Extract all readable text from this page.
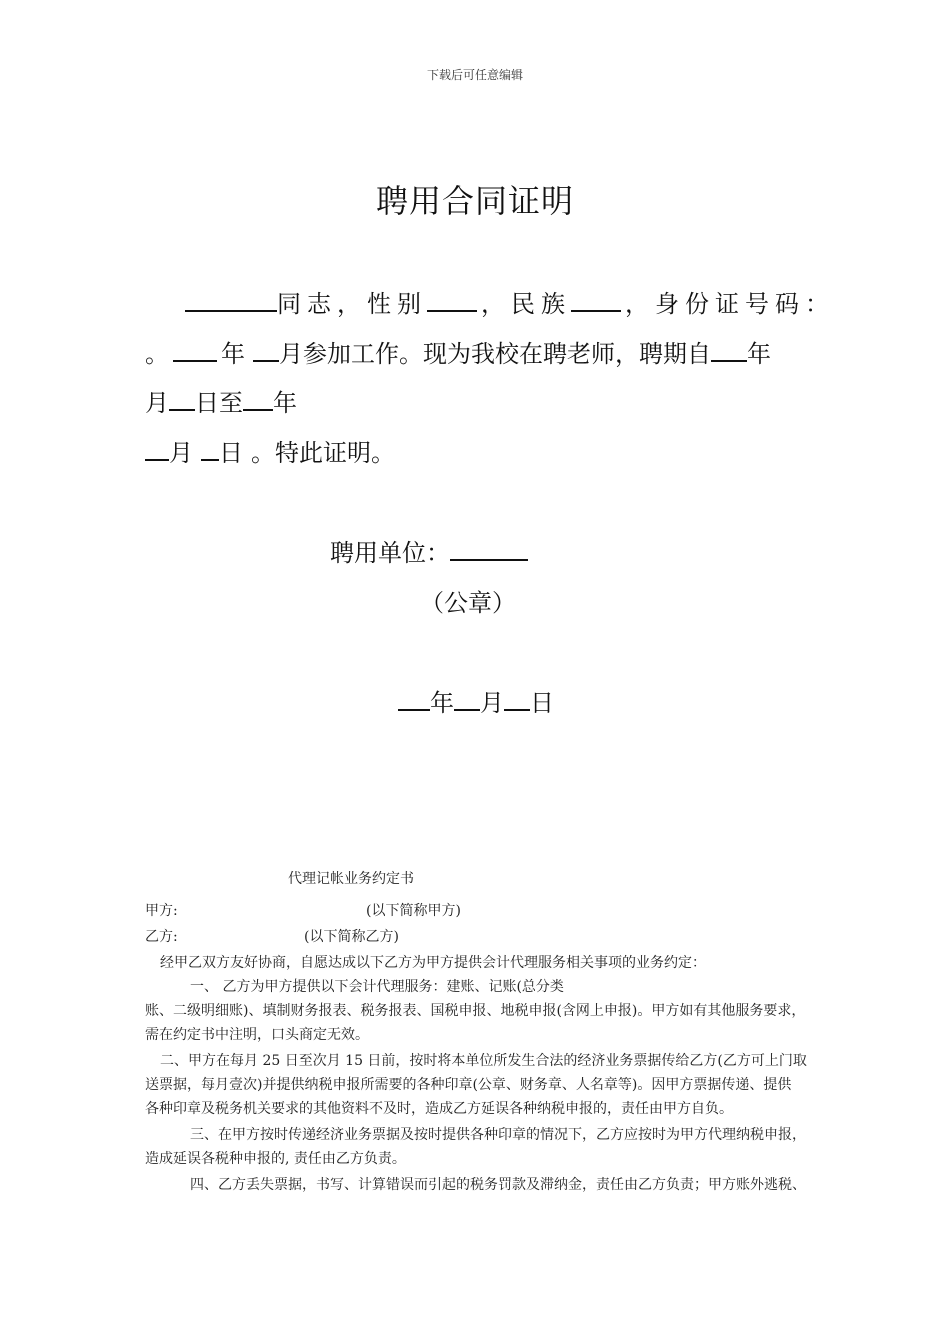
下载后可任意编辑
聘用合同证明
同志，性别 ，民族 ，身份证号码：
。 年 月参加工作。现为我校在聘老师，聘期自 年
月 日至 年
月 日 。特此证明。
聘用单位：
（公章）
年 月 日
代理记帐业务约定书
甲方:	(以下简称甲方)
乙方:	(以下简称乙方)
经甲乙双方友好协商，自愿达成以下乙方为甲方提供会计代理服务相关事项的业务约定：
一、 乙方为甲方提供以下会计代理服务：建账、记账(总分类
账、二级明细账)、填制财务报表、税务报表、国税申报、地税申报(含网上申报)。甲方如有其他服务要求，
需在约定书中注明，口头商定无效。
二、甲方在每月 25 日至次月 15 日前，按时将本单位所发生合法的经济业务票据传给乙方(乙方可上门取
送票据，每月壹次)并提供纳税申报所需要的各种印章(公章、财务章、人名章等)。因甲方票据传递、提供
各种印章及税务机关要求的其他资料不及时，造成乙方延误各种纳税申报的，责任由甲方自负。
三、在甲方按时传递经济业务票据及按时提供各种印章的情况下，乙方应按时为甲方代理纳税申报，
造成延误各税种申报的, 责任由乙方负责。
四、乙方丢失票据，书写、计算错误而引起的税务罚款及滞纳金，责任由乙方负责；甲方账外逃税、
